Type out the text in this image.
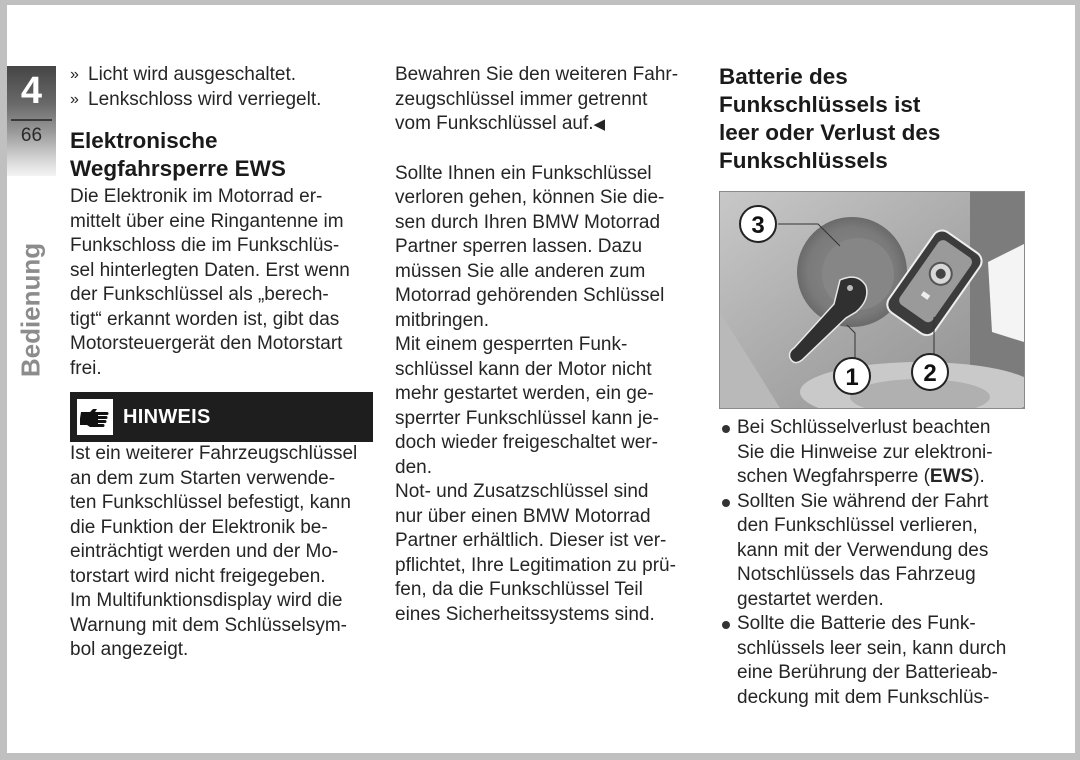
4
66
Bedienung
» Licht wird ausgeschaltet.
» Lenkschloss wird verriegelt.
Elektronische
Wegfahrsperre EWS

Die Elektronik im Motorrad er-
mittelt über eine Ringantenne im
Funkschloss die im Funkschlüs-
sel hinterlegten Daten. Erst wenn
der Funkschlüssel als „berech-
tigt“ erkannt worden ist, gibt das
Motorsteuergerät den Motorstart
frei.

HINWEIS

Ist ein weiterer Fahrzeugschlüssel
an dem zum Starten verwende-
ten Funkschlüssel befestigt, kann
die Funktion der Elektronik be-
einträchtigt werden und der Mo-
torstart wird nicht freigegeben.
Im Multifunktionsdisplay wird die
Warnung mit dem Schlüsselsym-
bol angezeigt.

Bewahren Sie den weiteren Fahr-
zeugschlüssel immer getrennt
vom Funkschlüssel auf.◀

Sollte Ihnen ein Funkschlüssel
verloren gehen, können Sie die-
sen durch Ihren BMW Motorrad
Partner sperren lassen. Dazu
müssen Sie alle anderen zum
Motorrad gehörenden Schlüssel
mitbringen.

Mit einem gesperrten Funk-
schlüssel kann der Motor nicht
mehr gestartet werden, ein ge-
sperrter Funkschlüssel kann je-
doch wieder freigeschaltet wer-
den.

Not- und Zusatzschlüssel sind
nur über einen BMW Motorrad
Partner erhältlich. Dieser ist ver-
pflichtet, Ihre Legitimation zu prü-
fen, da die Funkschlüssel Teil
eines Sicherheitssystems sind.

Batterie des
Funkschlüssels ist
leer oder Verlust des
Funkschlüssels
3
1	2

Bei Schlüsselverlust beachten
Sie die Hinweise zur elektroni-
schen Wegfahrsperre (EWS).

Sollten Sie während der Fahrt
den Funkschlüssel verlieren,
kann mit der Verwendung des
Notschlüssels das Fahrzeug
gestartet werden.

Sollte die Batterie des Funk-
schlüssels leer sein, kann durch
eine Berührung der Batterieab-
deckung mit dem Funkschlüs-
